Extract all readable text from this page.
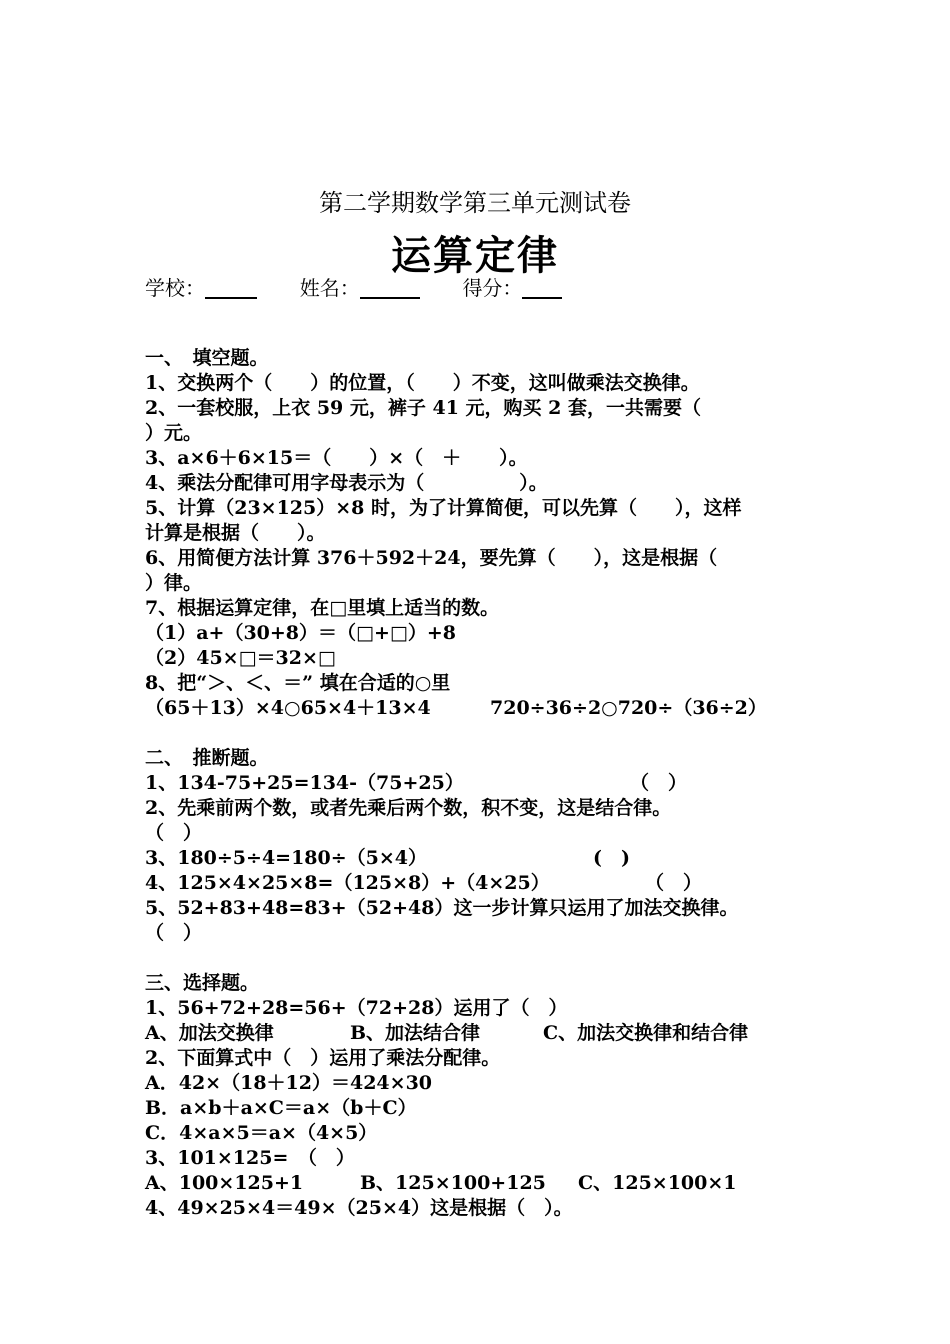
第二学期数学第三单元测试卷
运算定律
学校：	姓名：	得分：
一、　填空题。
1、交换两个（　　）的位置，（　　）不变，这叫做乘法交换律。
2、一套校服，上衣 59 元，裤子 41 元，购买 2 套，一共需要（
）元。
3、a×6＋6×15＝（　　）×（　＋　　）。
4、乘法分配律可用字母表示为（　　　　　）。
5、计算（23×125）×8 时，为了计算简便，可以先算（　　），这样
计算是根据（　　）。
6、用简便方法计算 376＋592＋24，要先算（　　），这是根据（
）律。
7、根据运算定律，在□里填上适当的数。
（1）a+（30+8）＝（□+□）+8
（2）45×□＝32×□
8、把“＞、＜、＝” 填在合适的○里
（65＋13）×4○65×4＋13×4	720÷36÷2○720÷（36÷2）
二、　推断题。
1、134-75+25=134-（75+25）	（　）
2、先乘前两个数，或者先乘后两个数，积不变，这是结合律。
（　）
3、180÷5÷4=180÷（5×4）	(　)
4、125×4×25×8=（125×8）+（4×25）	（　）
5、52+83+48=83+（52+48）这一步计算只运用了加法交换律。
（　）
三、选择题。
1、56+72+28=56+（72+28）运用了（　）
A、加法交换律	B、加法结合律	C、加法交换律和结合律
2、下面算式中（　）运用了乘法分配律。
A．42×（18＋12）＝424×30
B．a×b＋a×C＝a×（b＋C）
C．4×a×5＝a×（4×5）
3、101×125=　（　）
A、100×125+1	B、125×100+125 C、125×100×1
4、49×25×4＝49×（25×4）这是根据（　）。
